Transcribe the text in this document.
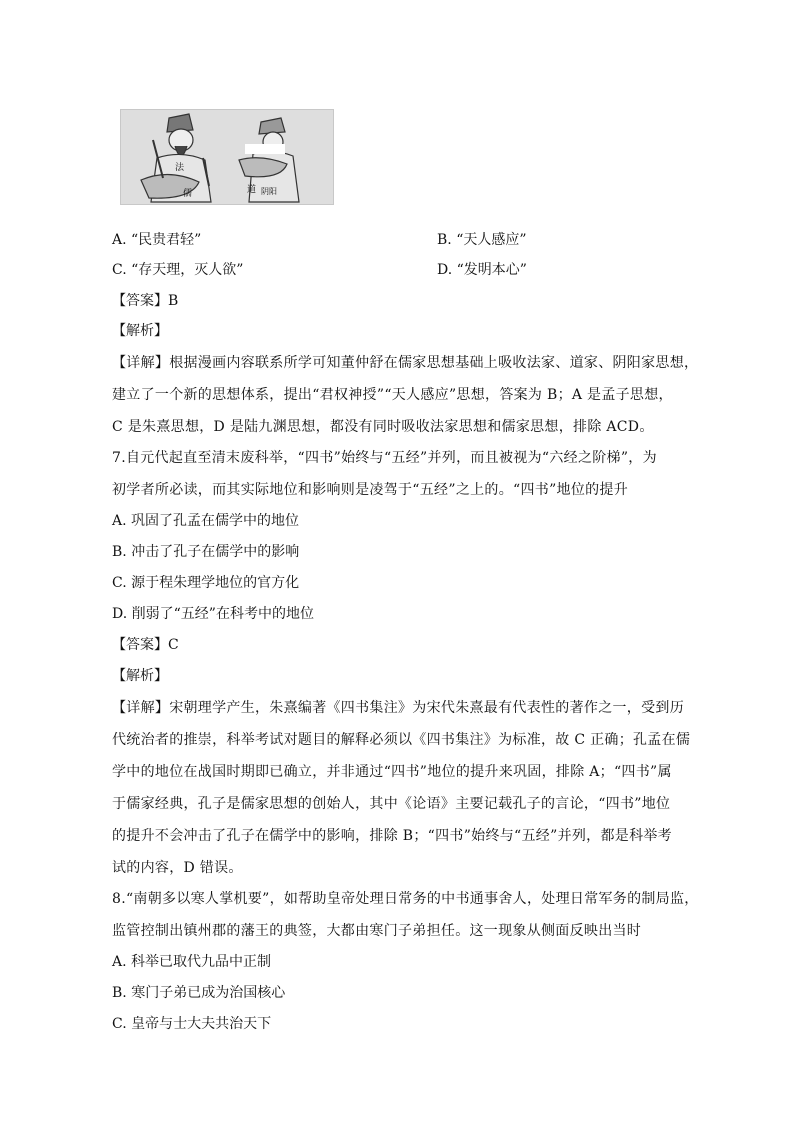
法
儒	道 阴阳
A. “民贵君轻”	B. “天人感应”
C. “存天理，灭人欲”	D. “发明本心”
【答案】B
【解析】
【详解】根据漫画内容联系所学可知董仲舒在儒家思想基础上吸收法家、道家、阴阳家思想，
建立了一个新的思想体系，提出“君权神授”“天人感应”思想，答案为 B；A 是孟子思想，
C 是朱熹思想，D 是陆九渊思想，都没有同时吸收法家思想和儒家思想，排除 ACD。
7.自元代起直至清末废科举，“四书”始终与“五经”并列，而且被视为“六经之阶梯”，为
初学者所必读，而其实际地位和影响则是凌驾于“五经”之上的。“四书”地位的提升
A. 巩固了孔孟在儒学中的地位
B. 冲击了孔子在儒学中的影响
C. 源于程朱理学地位的官方化
D. 削弱了“五经”在科考中的地位
【答案】C
【解析】
【详解】宋朝理学产生，朱熹编著《四书集注》为宋代朱熹最有代表性的著作之一，受到历
代统治者的推崇，科举考试对题目的解释必须以《四书集注》为标准，故 C 正确；孔孟在儒
学中的地位在战国时期即已确立，并非通过“四书”地位的提升来巩固，排除 A；“四书”属
于儒家经典，孔子是儒家思想的创始人，其中《论语》主要记载孔子的言论，“四书”地位
的提升不会冲击了孔子在儒学中的影响，排除 B；“四书”始终与“五经”并列，都是科举考
试的内容，D 错误。
8.“南朝多以寒人掌机要”，如帮助皇帝处理日常务的中书通事舍人，处理日常军务的制局监，
监管控制出镇州郡的藩王的典签，大都由寒门子弟担任。这一现象从侧面反映出当时
A. 科举已取代九品中正制
B. 寒门子弟已成为治国核心
C. 皇帝与士大夫共治天下
